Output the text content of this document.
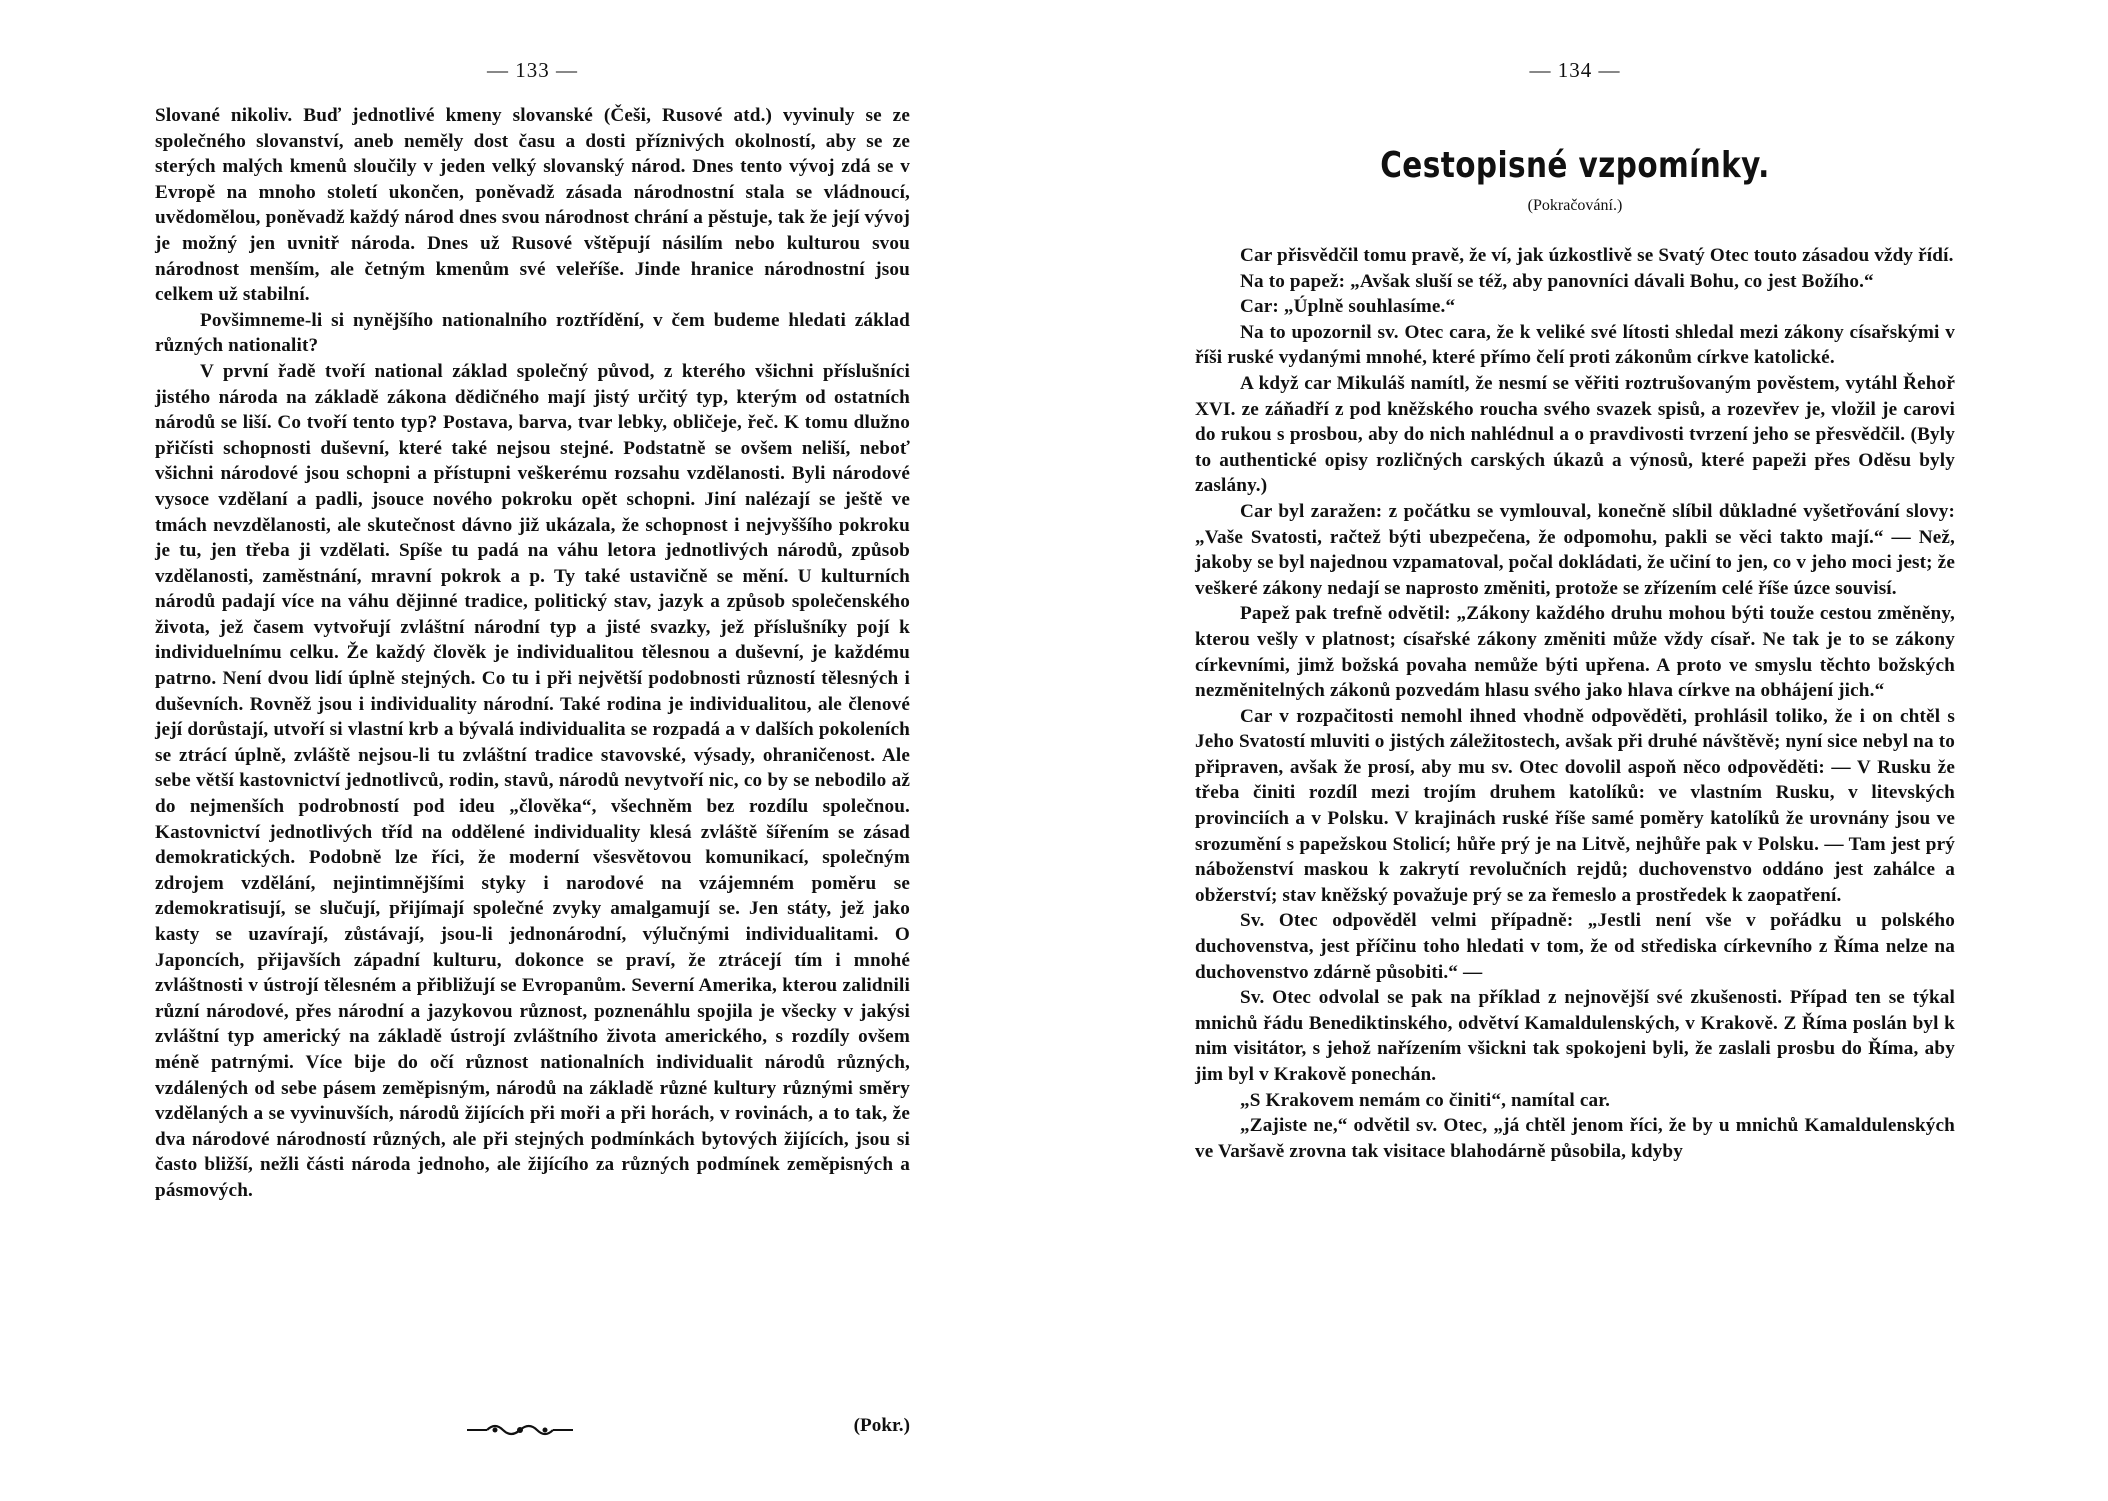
— 133 —

Slované nikoliv. Buď jednotlivé kmeny slovanské (Češi, Rusové atd.) vyvinuly se ze společného slovanství, aneb neměly dost času a dosti příznivých okolností, aby se ze sterých malých kmenů sloučily v jeden velký slovanský národ. Dnes tento vývoj zdá se v Evropě na mnoho století ukončen, poněvadž zásada národnostní stala se vládnoucí, uvědomělou, poněvadž každý národ dnes svou národnost chrání a pěstuje, tak že její vývoj je možný jen uvnitř národa. Dnes už Rusové vštěpují násilím nebo kulturou svou národnost menším, ale četným kmenům své veleříše. Jinde hranice národnostní jsou celkem už stabilní.

Povšimneme-li si nynějšího nationalního roztřídění, v čem budeme hledati základ různých nationalit?

V první řadě tvoří national základ společný původ, z kterého všichni příslušníci jistého národa na základě zákona dědičného mají jistý určitý typ, kterým od ostatních národů se liší. Co tvoří tento typ? Postava, barva, tvar lebky, obličeje, řeč. K tomu dlužno přičísti schopnosti duševní, které také nejsou stejné. Podstatně se ovšem neliší, neboť všichni národové jsou schopni a přístupni veškerému rozsahu vzdělanosti. Byli národové vysoce vzdělaní a padli, jsouce nového pokroku opět schopni. Jiní nalézají se ještě ve tmách nevzdělanosti, ale skutečnost dávno již ukázala, že schopnost i nejvyššího pokroku je tu, jen třeba ji vzdělati. Spíše tu padá na váhu letora jednotlivých národů, způsob vzdělanosti, zaměstnání, mravní pokrok a p. Ty také ustavičně se mění. U kulturních národů padají více na váhu dějinné tradice, politický stav, jazyk a způsob společenského života, jež časem vytvořují zvláštní národní typ a jisté svazky, jež příslušníky pojí k individuelnímu celku. Že každý člověk je individualitou tělesnou a duševní, je každému patrno. Není dvou lidí úplně stejných. Co tu i při největší podobnosti růzností tělesných i duševních. Rovněž jsou i individuality národní. Také rodina je individualitou, ale členové její dorůstají, utvoří si vlastní krb a bývalá individualita se rozpadá a v dalších pokoleních se ztrácí úplně, zvláště nejsou-li tu zvláštní tradice stavovské, výsady, ohraničenost. Ale sebe větší kastovnictví jednotlivců, rodin, stavů, národů nevytvoří nic, co by se nebodilo až do nejmenších podrobností pod ideu „člověka“, všechněm bez rozdílu společnou. Kastovnictví jednotlivých tříd na oddělené individuality klesá zvláště šířením se zásad demokratických. Podobně lze říci, že moderní všesvětovou komunikací, společným zdrojem vzdělání, nejintimnějšími styky i narodové na vzájemném poměru se zdemokratisují, se slučují, přijímají společné zvyky amalgamují se. Jen státy, jež jako kasty se uzavírají, zůstávají, jsou-li jednonárodní, výlučnými individualitami. O Japoncích, přijavších západní kulturu, dokonce se praví, že ztrácejí tím i mnohé zvláštnosti v ústrojí tělesném a přibližují se Evropanům. Severní Amerika, kterou zalidnili různí národové, přes národní a jazykovou různost, poznenáhlu spojila je všecky v jakýsi zvláštní typ americký na základě ústrojí zvláštního života amerického, s rozdíly ovšem méně patrnými. Více bije do očí různost nationalních individualit národů různých, vzdálených od sebe pásem zeměpisným, národů na základě různé kultury různými směry vzdělaných a se vyvinuvších, národů žijících při moři a při horách, v rovinách, a to tak, že dva národové národností různých, ale při stejných podmínkách bytových žijících, jsou si často bližší, nežli části národa jednoho, ale žijícího za různých podmínek zeměpisných a pásmových.

(Pokr.)
— 134 —
Cestopisné vzpomínky.
(Pokračování.)

Car přisvědčil tomu pravě, že ví, jak úzkostlivě se Svatý Otec touto zásadou vždy řídí.

Na to papež: „Avšak sluší se též, aby panovníci dávali Bohu, co jest Božího.“

Car: „Úplně souhlasíme.“

Na to upozornil sv. Otec cara, že k veliké své lítosti shledal mezi zákony císařskými v říši ruské vydanými mnohé, které přímo čelí proti zákonům církve katolické.

A když car Mikuláš namítl, že nesmí se věřiti roztrušovaným pověstem, vytáhl Řehoř XVI. ze záňadří z pod kněžského roucha svého svazek spisů, a rozevřev je, vložil je carovi do rukou s prosbou, aby do nich nahlédnul a o pravdivosti tvrzení jeho se přesvědčil. (Byly to authentické opisy rozličných carských úkazů a výnosů, které papeži přes Oděsu byly zaslány.)

Car byl zaražen: z počátku se vymlouval, konečně slíbil důkladné vyšetřování slovy: „Vaše Svatosti, račtež býti ubezpečena, že odpomohu, pakli se věci takto mají.“ — Než, jakoby se byl najednou vzpamatoval, počal dokládati, že učiní to jen, co v jeho moci jest; že veškeré zákony nedají se naprosto změniti, protože se zřízením celé říše úzce souvisí.

Papež pak trefně odvětil: „Zákony každého druhu mohou býti touže cestou změněny, kterou vešly v platnost; císařské zákony změniti může vždy císař. Ne tak je to se zákony církevními, jimž božská povaha nemůže býti upřena. A proto ve smyslu těchto božských nezměnitelných zákonů pozvedám hlasu svého jako hlava církve na obhájení jich.“

Car v rozpačitosti nemohl ihned vhodně odpověděti, prohlásil toliko, že i on chtěl s Jeho Svatostí mluviti o jistých záležitostech, avšak při druhé návštěvě; nyní sice nebyl na to připraven, avšak že prosí, aby mu sv. Otec dovolil aspoň něco odpověděti: — V Rusku že třeba činiti rozdíl mezi trojím druhem katolíků: ve vlastním Rusku, v litevských provinciích a v Polsku. V krajinách ruské říše samé poměry katolíků že urovnány jsou ve srozumění s papežskou Stolicí; hůře prý je na Litvě, nejhůře pak v Polsku. — Tam jest prý náboženství maskou k zakrytí revolučních rejdů; duchovenstvo oddáno jest zahálce a obžerství; stav kněžský považuje prý se za řemeslo a prostředek k zaopatření.

Sv. Otec odpověděl velmi případně: „Jestli není vše v pořádku u polského duchovenstva, jest příčinu toho hledati v tom, že od střediska církevního z Říma nelze na duchovenstvo zdárně působiti.“ —

Sv. Otec odvolal se pak na příklad z nejnovější své zkušenosti. Případ ten se týkal mnichů řádu Benediktinského, odvětví Kamaldulenských, v Krakově. Z Říma poslán byl k nim visitátor, s jehož nařízením všickni tak spokojeni byli, že zaslali prosbu do Říma, aby jim byl v Krakově ponechán.

„S Krakovem nemám co činiti“, namítal car.

„Zajiste ne,“ odvětil sv. Otec, „já chtěl jenom říci, že by u mnichů Kamaldulenských ve Varšavě zrovna tak visitace blahodárně působila, kdyby
